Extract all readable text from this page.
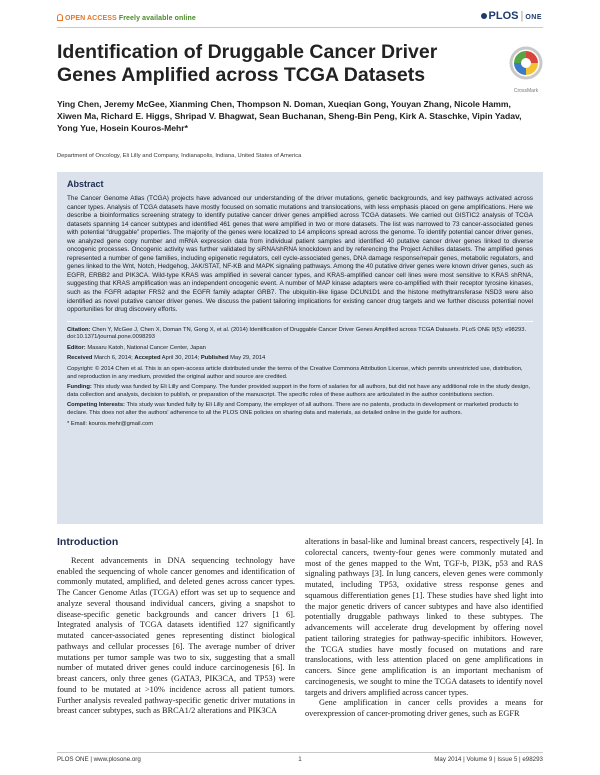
OPEN ACCESS Freely available online	PLOS | ONE
Identification of Druggable Cancer Driver Genes Amplified across TCGA Datasets
CrossMark
Ying Chen, Jeremy McGee, Xianming Chen, Thompson N. Doman, Xueqian Gong, Youyan Zhang, Nicole Hamm, Xiwen Ma, Richard E. Higgs, Shripad V. Bhagwat, Sean Buchanan, Sheng-Bin Peng, Kirk A. Staschke, Vipin Yadav, Yong Yue, Hosein Kouros-Mehr*
Department of Oncology, Eli Lilly and Company, Indianapolis, Indiana, United States of America
Abstract
The Cancer Genome Atlas (TCGA) projects have advanced our understanding of the driver mutations, genetic backgrounds, and key pathways activated across cancer types. Analysis of TCGA datasets have mostly focused on somatic mutations and translocations, with less emphasis placed on gene amplifications. Here we describe a bioinformatics screening strategy to identify putative cancer driver genes amplified across TCGA datasets. We carried out GISTIC2 analysis of TCGA datasets spanning 14 cancer subtypes and identified 461 genes that were amplified in two or more datasets. The list was narrowed to 73 cancer-associated genes with potential “druggable” properties. The majority of the genes were localized to 14 amplicons spread across the genome. To identify potential cancer driver genes, we analyzed gene copy number and mRNA expression data from individual patient samples and identified 40 putative cancer driver genes linked to diverse oncogenic processes. Oncogenic activity was further validated by siRNA/shRNA knockdown and by referencing the Project Achilles datasets. The amplified genes represented a number of gene families, including epigenetic regulators, cell cycle-associated genes, DNA damage response/repair genes, metabolic regulators, and genes linked to the Wnt, Notch, Hedgehog, JAK/STAT, NF-KB and MAPK signaling pathways. Among the 40 putative driver genes were known driver genes, such as EGFR, ERBB2 and PIK3CA. Wild-type KRAS was amplified in several cancer types, and KRAS-amplified cancer cell lines were most sensitive to KRAS shRNA, suggesting that KRAS amplification was an independent oncogenic event. A number of MAP kinase adapters were co-amplified with their receptor tyrosine kinases, such as the FGFR adapter FRS2 and the EGFR family adapter GRB7. The ubiquitin-like ligase DCUN1D1 and the histone methyltransferase NSD3 were also identified as novel putative cancer driver genes. We discuss the patient tailoring implications for existing cancer drug targets and we further discuss potential novel opportunities for drug discovery efforts.
Citation: Chen Y, McGee J, Chen X, Doman TN, Gong X, et al. (2014) Identification of Druggable Cancer Driver Genes Amplified across TCGA Datasets. PLoS ONE 9(5): e98293. doi:10.1371/journal.pone.0098293
Editor: Masaru Katoh, National Cancer Center, Japan
Received March 6, 2014; Accepted April 30, 2014; Published May 29, 2014
Copyright: © 2014 Chen et al. This is an open-access article distributed under the terms of the Creative Commons Attribution License, which permits unrestricted use, distribution, and reproduction in any medium, provided the original author and source are credited.
Funding: This study was funded by Eli Lilly and Company. The funder provided support in the form of salaries for all authors, but did not have any additional role in the study design, data collection and analysis, decision to publish, or preparation of the manuscript. The specific roles of these authors are articulated in the author contributions section.
Competing Interests: This study was funded fully by Eli Lilly and Company, the employer of all authors. There are no patents, products in development or marketed products to declare. This does not alter the authors' adherence to all the PLOS ONE policies on sharing data and materials, as detailed online in the guide for authors.
* Email: kouros.mehr@gmail.com
Introduction

Recent advancements in DNA sequencing technology have enabled the sequencing of whole cancer genomes and identification of commonly mutated, amplified, and deleted genes across cancer types. The Cancer Genome Atlas (TCGA) effort was set up to sequence and analyze several thousand individual cancers, giving a snapshot to disease-specific genetic backgrounds and cancer drivers [1 6]. Integrated analysis of TCGA datasets identified 127 significantly mutated cancer-associated genes representing distinct biological pathways and cellular processes [6]. The average number of driver mutations per tumor sample was two to six, suggesting that a small number of mutated driver genes could induce carcinogenesis [6]. In breast cancers, only three genes (GATA3, PIK3CA, and TP53) were found to be mutated at >10% incidence across all patient tumors. Further analysis revealed pathway-specific genetic driver mutations in breast cancer subtypes, such as BRCA1/2 alterations and PIK3CA

alterations in basal-like and luminal breast cancers, respectively [4]. In colorectal cancers, twenty-four genes were commonly mutated and most of the genes mapped to the Wnt, TGF-b, PI3K, p53 and RAS signaling pathways [3]. In lung cancers, eleven genes were commonly mutated, including TP53, oxidative stress response genes and squamous differentiation genes [1]. These studies have shed light into the major genetic drivers of cancer subtypes and have also identified potentially druggable pathways linked to these subtypes. The advancements will accelerate drug development by offering novel patient tailoring strategies for pathway-specific inhibitors. However, the TCGA studies have mostly focused on mutations and rare translocations, with less attention placed on gene amplifications in cancers. Since gene amplification is an important mechanism of carcinogenesis, we sought to mine the TCGA datasets to identify novel targets and drivers amplified across cancer types.

Gene amplification in cancer cells provides a means for overexpression of cancer-promoting driver genes, such as EGFR

PLOS ONE | www.plosone.org	1	May 2014 | Volume 9 | Issue 5 | e98293
